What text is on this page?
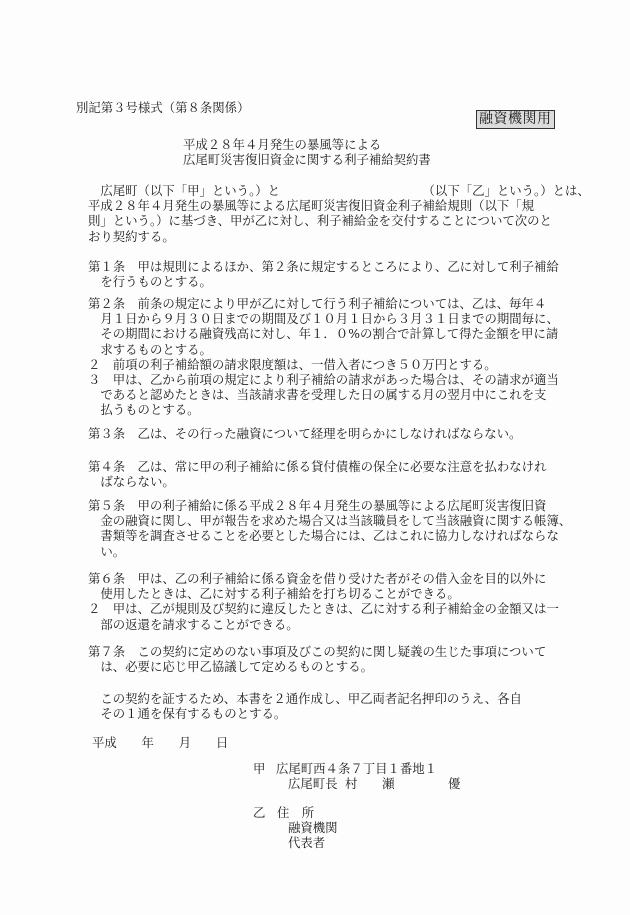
別記第３号様式（第８条関係）
融資機関用
平成２８年４月発生の暴風等による
広尾町災害復旧資金に関する利子補給契約書
　広尾町（以下「甲」という。）と　　　　　　　　　　　　（以下「乙」という。）とは、
平成２８年４月発生の暴風等による広尾町災害復旧資金利子補給規則（以下「規
則」という。）に基づき、甲が乙に対し、利子補給金を交付することについて次のと
おり契約する。
第１条　甲は規則によるほか、第２条に規定するところにより、乙に対して利子補給
　を行うものとする。
第２条　前条の規定により甲が乙に対して行う利子補給については、乙は、毎年４
　月１日から９月３０日までの期間及び１０月１日から３月３１日までの期間毎に、
　その期間における融資残高に対し、年１．０%の割合で計算して得た金額を甲に請
　求するものとする。
２　前項の利子補給額の請求限度額は、一借入者につき５０万円とする。
３　甲は、乙から前項の規定により利子補給の請求があった場合は、その請求が適当
　であると認めたときは、当該請求書を受理した日の属する月の翌月中にこれを支
　払うものとする。
第３条　乙は、その行った融資について経理を明らかにしなければならない。
第４条　乙は、常に甲の利子補給に係る貸付債権の保全に必要な注意を払わなけれ
　ばならない。
第５条　甲の利子補給に係る平成２８年４月発生の暴風等による広尾町災害復旧資
　金の融資に関し、甲が報告を求めた場合又は当該職員をして当該融資に関する帳簿、
　書類等を調査させることを必要とした場合には、乙はこれに協力しなければならな
　い。
第６条　甲は、乙の利子補給に係る資金を借り受けた者がその借入金を目的以外に
　使用したときは、乙に対する利子補給を打ち切ることができる。
２　甲は、乙が規則及び契約に違反したときは、乙に対する利子補給金の金額又は一
　部の返還を請求することができる。
第７条　この契約に定めのない事項及びこの契約に関し疑義の生じた事項について
　は、必要に応じ甲乙協議して定めるものとする。
　この契約を証するため、本書を２通作成し、甲乙両者記名押印のうえ、各自
　その１通を保有するものとする。
平成　　年　　月　　日
甲 広尾町西４条７丁目１番地１
広尾町長 村　　瀬	優
乙 住　所
融資機関
代表者
